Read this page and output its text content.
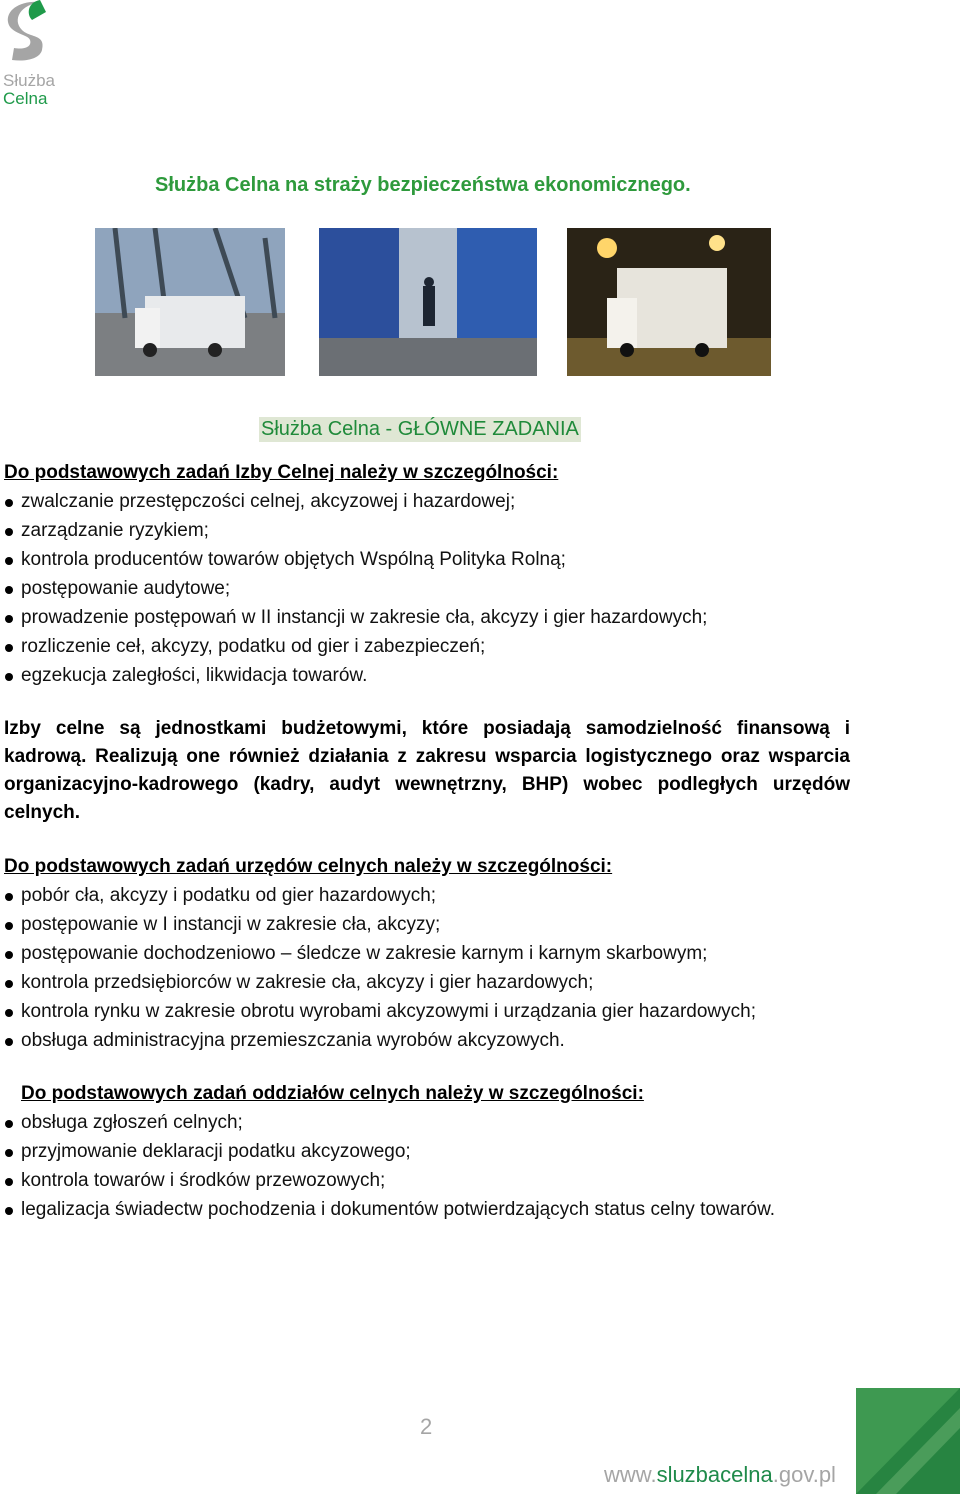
Służba
Celna
Służba Celna na straży bezpieczeństwa ekonomicznego.
Służba Celna - GŁÓWNE ZADANIA
Do podstawowych zadań Izby Celnej należy w szczególności:
zwalczanie przestępczości celnej, akcyzowej i hazardowej;
zarządzanie ryzykiem;
kontrola producentów towarów objętych Wspólną Polityka Rolną;
postępowanie audytowe;
prowadzenie postępowań w II instancji w zakresie cła, akcyzy i gier hazardowych;
rozliczenie ceł, akcyzy, podatku od gier i zabezpieczeń;
egzekucja zaległości, likwidacja towarów.
Izby celne są jednostkami budżetowymi, które posiadają samodzielność finansową i kadrową. Realizują one również działania z zakresu wsparcia logistycznego oraz wsparcia organizacyjno-kadrowego (kadry, audyt wewnętrzny, BHP) wobec podległych urzędów celnych.
Do podstawowych zadań urzędów celnych należy w szczególności:
pobór cła, akcyzy i podatku od gier hazardowych;
postępowanie w I instancji w zakresie cła, akcyzy;
postępowanie dochodzeniowo – śledcze w zakresie karnym i karnym skarbowym;
kontrola przedsiębiorców w zakresie cła, akcyzy i gier hazardowych;
kontrola rynku w zakresie obrotu wyrobami akcyzowymi i urządzania gier hazardowych;
obsługa administracyjna przemieszczania wyrobów akcyzowych.
Do podstawowych zadań oddziałów celnych należy w szczególności:
obsługa zgłoszeń celnych;
przyjmowanie deklaracji podatku akcyzowego;
kontrola towarów i środków przewozowych;
legalizacja świadectw pochodzenia i dokumentów potwierdzających status celny towarów.
2
www.sluzbacelna.gov.pl
